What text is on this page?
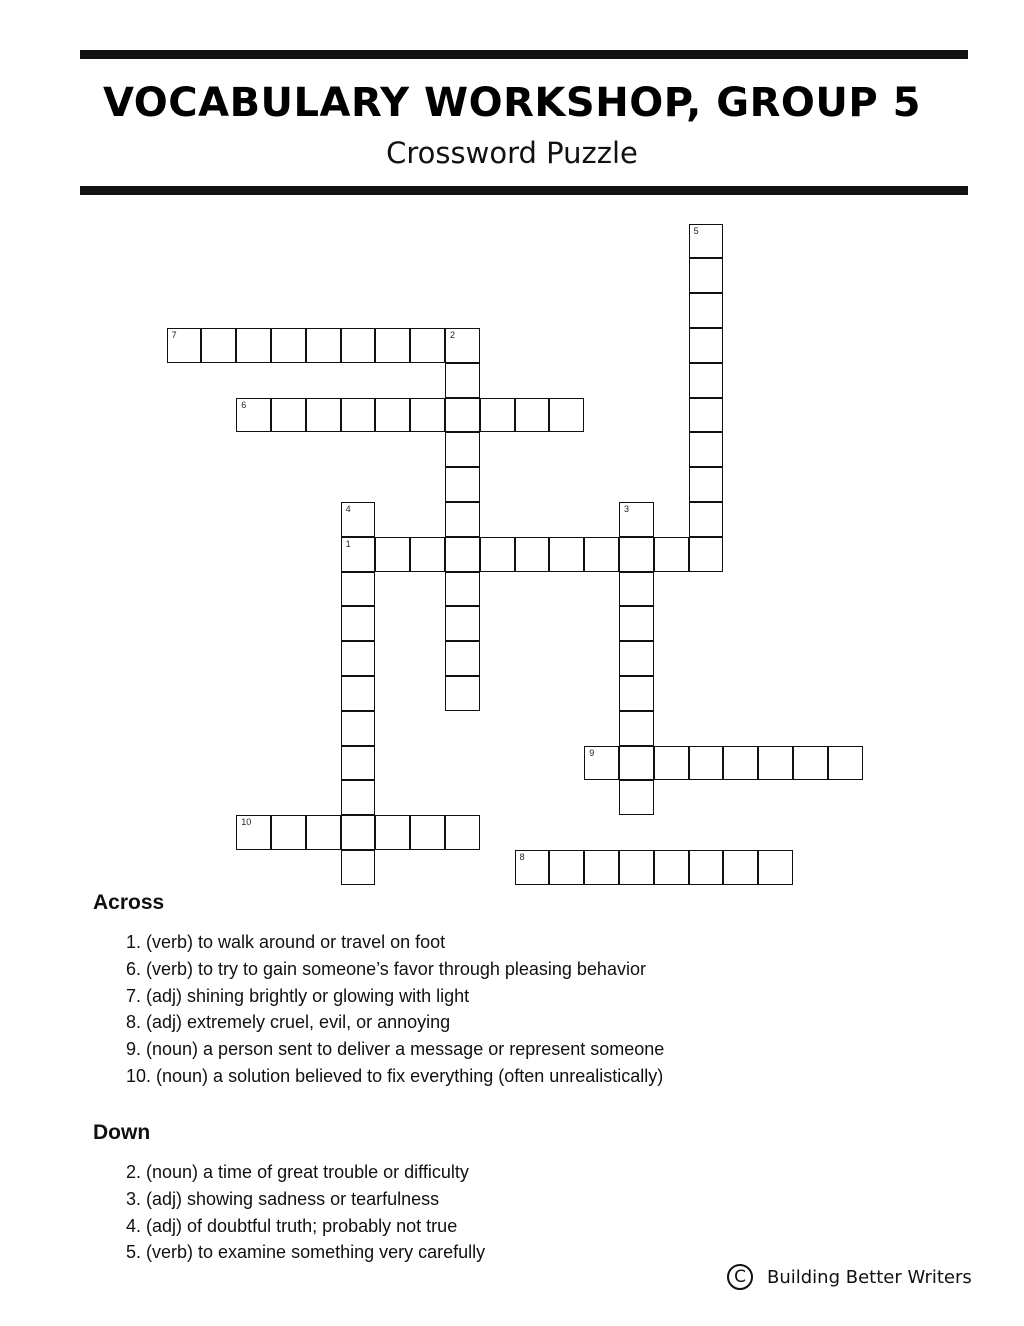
VOCABULARY WORKSHOP, GROUP 5
Crossword Puzzle
1
6
7	2
8
9
10
3
4
5
Across
1. (verb) to walk around or travel on foot
6. (verb) to try to gain someone’s favor through pleasing behavior
7. (adj) shining brightly or glowing with light
8. (adj) extremely cruel, evil, or annoying
9. (noun) a person sent to deliver a message or represent someone
10. (noun) a solution believed to fix everything (often unrealistically)
Down
2. (noun) a time of great trouble or difficulty
3. (adj) showing sadness or tearfulness
4. (adj) of doubtful truth; probably not true
5. (verb) to examine something very carefully
C	Building Better Writers
